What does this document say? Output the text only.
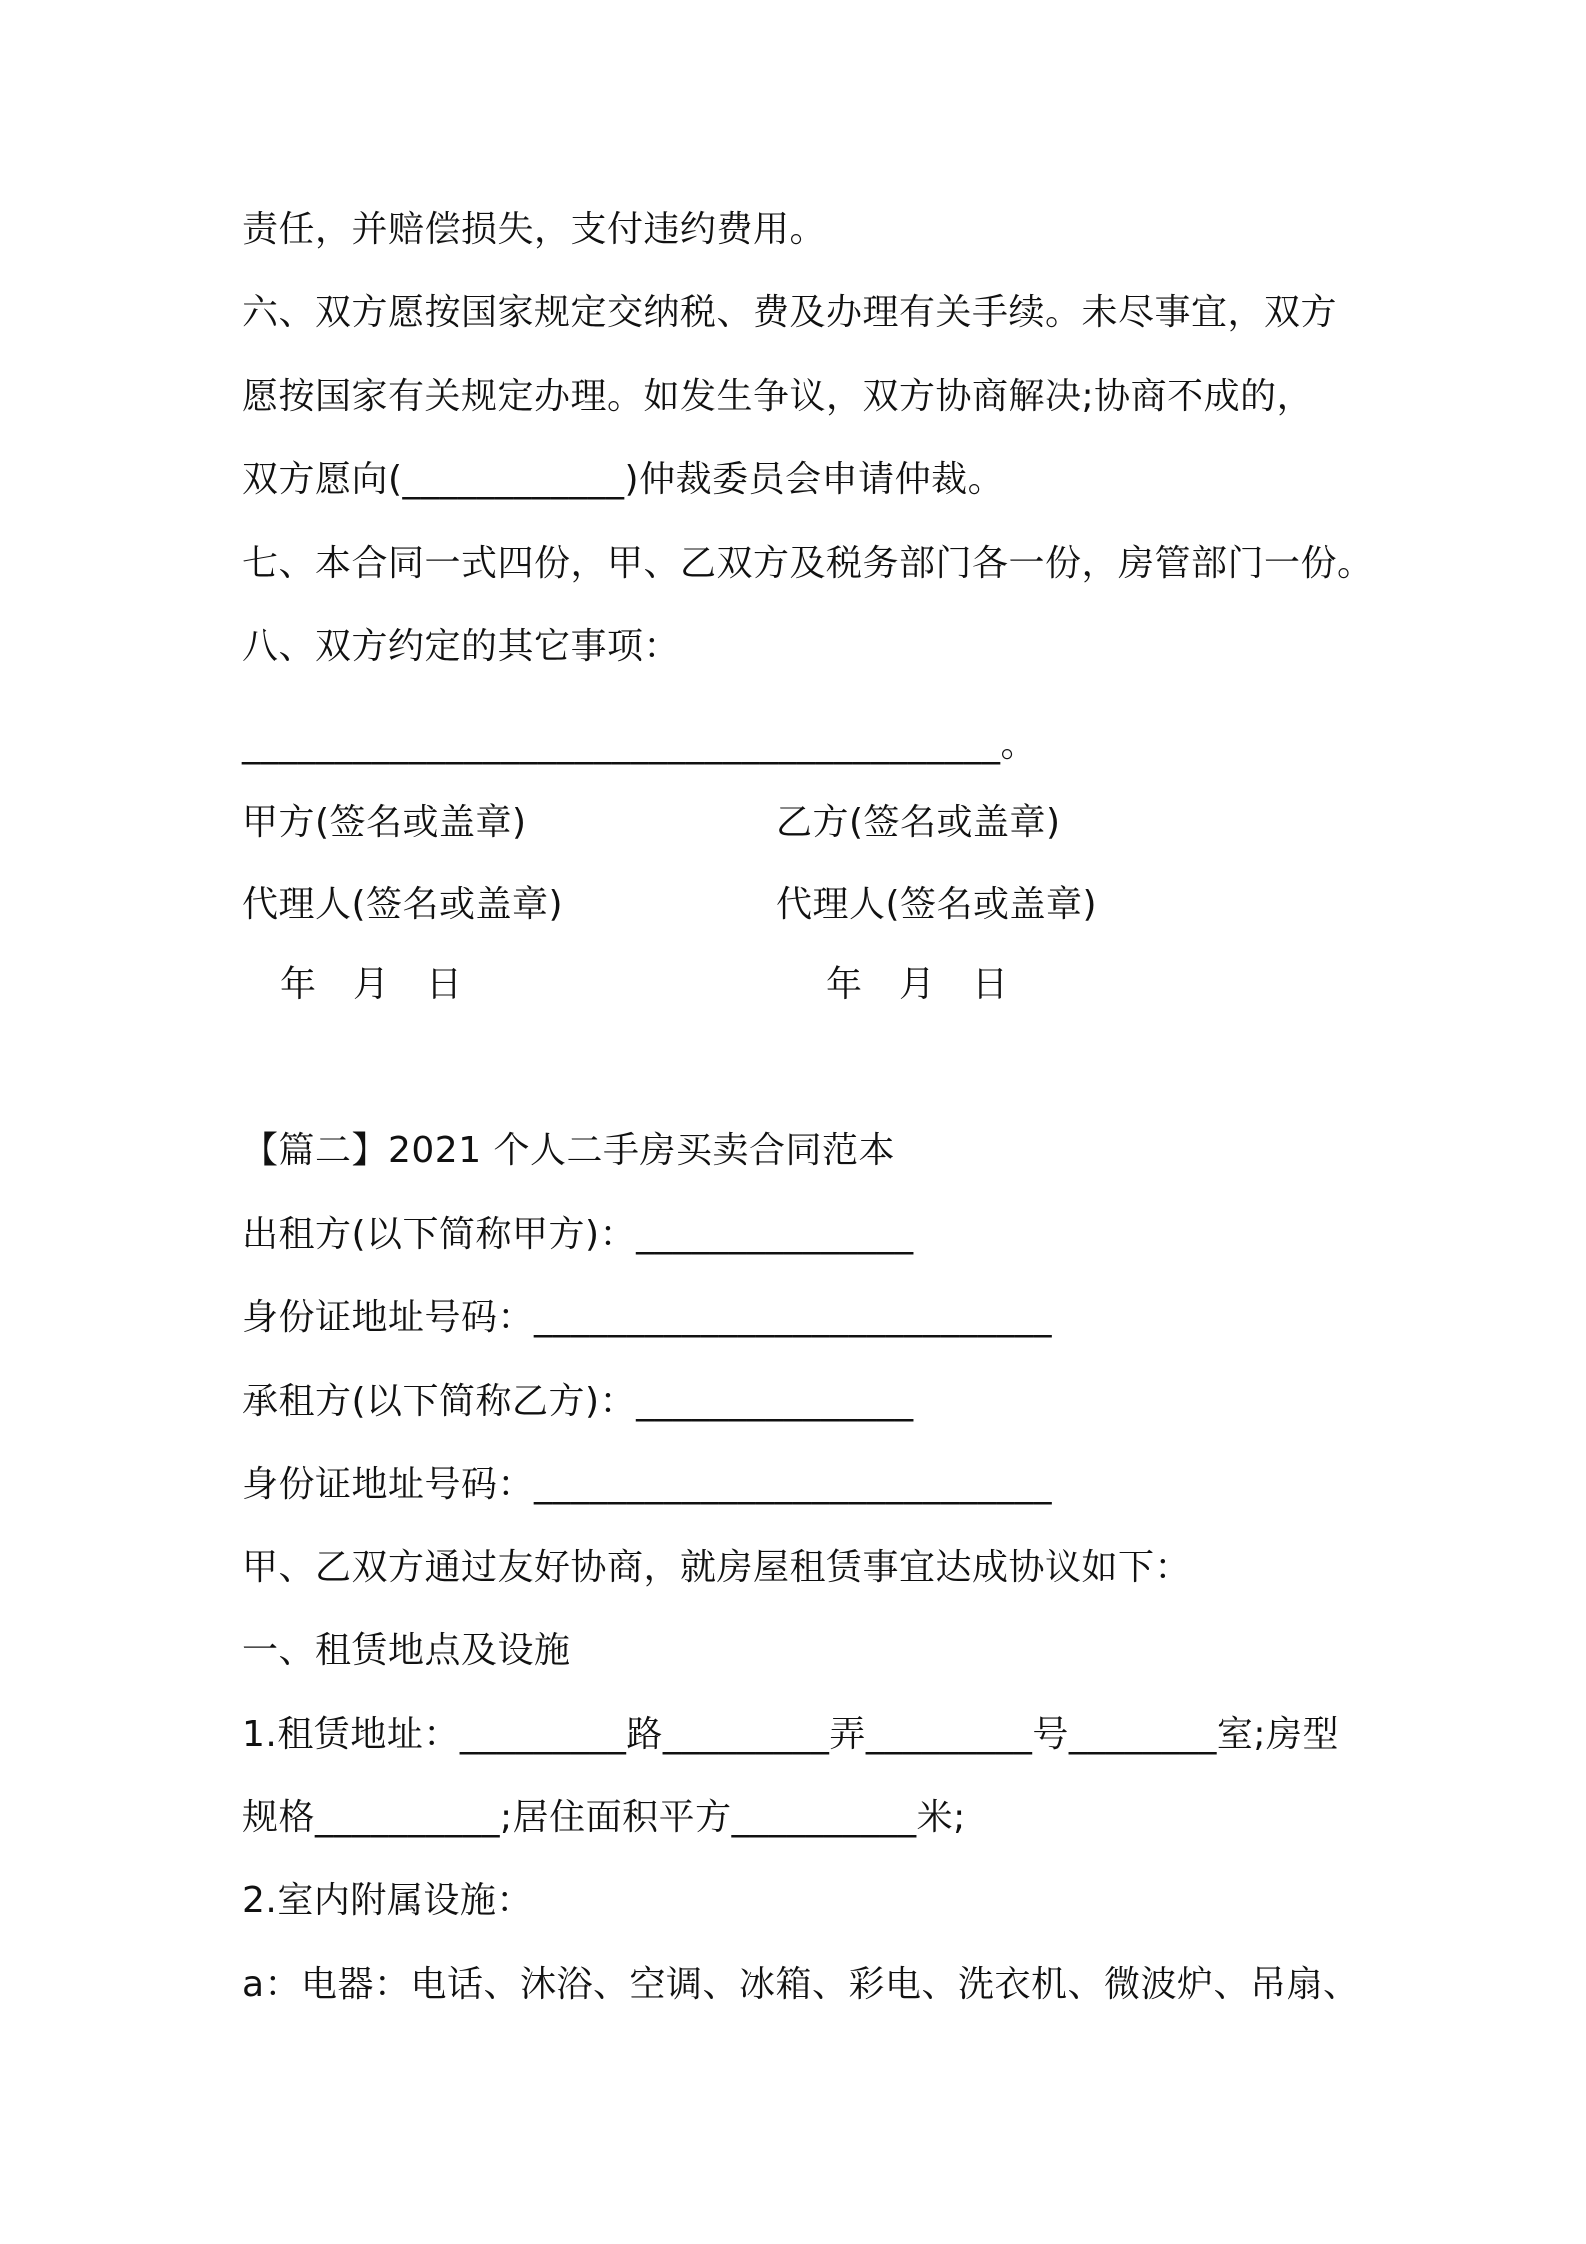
责任，并赔偿损失，支付违约费用。
六、双方愿按国家规定交纳税、费及办理有关手续。未尽事宜，双方
愿按国家有关规定办理。如发生争议，双方协商解决;协商不成的，
双方愿向(____________)仲裁委员会申请仲裁。
七、本合同一式四份，甲、乙双方及税务部门各一份，房管部门一份。
八、双方约定的其它事项：
_________________________________________。
甲方(签名或盖章)	乙方(签名或盖章)
代理人(签名或盖章)	代理人(签名或盖章)
年　月　日	年　月　日
【篇二】2021 个人二手房买卖合同范本
出租方(以下简称甲方)：_______________
身份证地址号码：____________________________
承租方(以下简称乙方)：_______________
身份证地址号码：____________________________
甲、乙双方通过友好协商，就房屋租赁事宜达成协议如下：
一、租赁地点及设施
1.租赁地址：_________路_________弄_________号________室;房型
规格__________;居住面积平方__________米;
2.室内附属设施：
a：电器：电话、沐浴、空调、冰箱、彩电、洗衣机、微波炉、吊扇、
